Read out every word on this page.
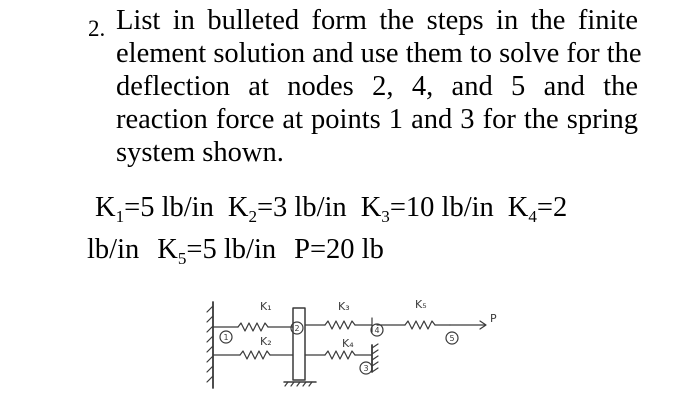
2. List in bulleted form the steps in the finite
element solution and use them to solve for the
deflection at nodes 2, 4, and 5 and the
reaction force at points 1 and 3 for the spring
system shown.
$K_1=5$ lb/in $K_2=3$ lb/in $K_3=10$ lb/in $K_4=2$
lb/in $K_5=5$ lb/in P=20 lb
1
K₁
K₂
2
K₃
4
K₄
3
K₅
5
P
